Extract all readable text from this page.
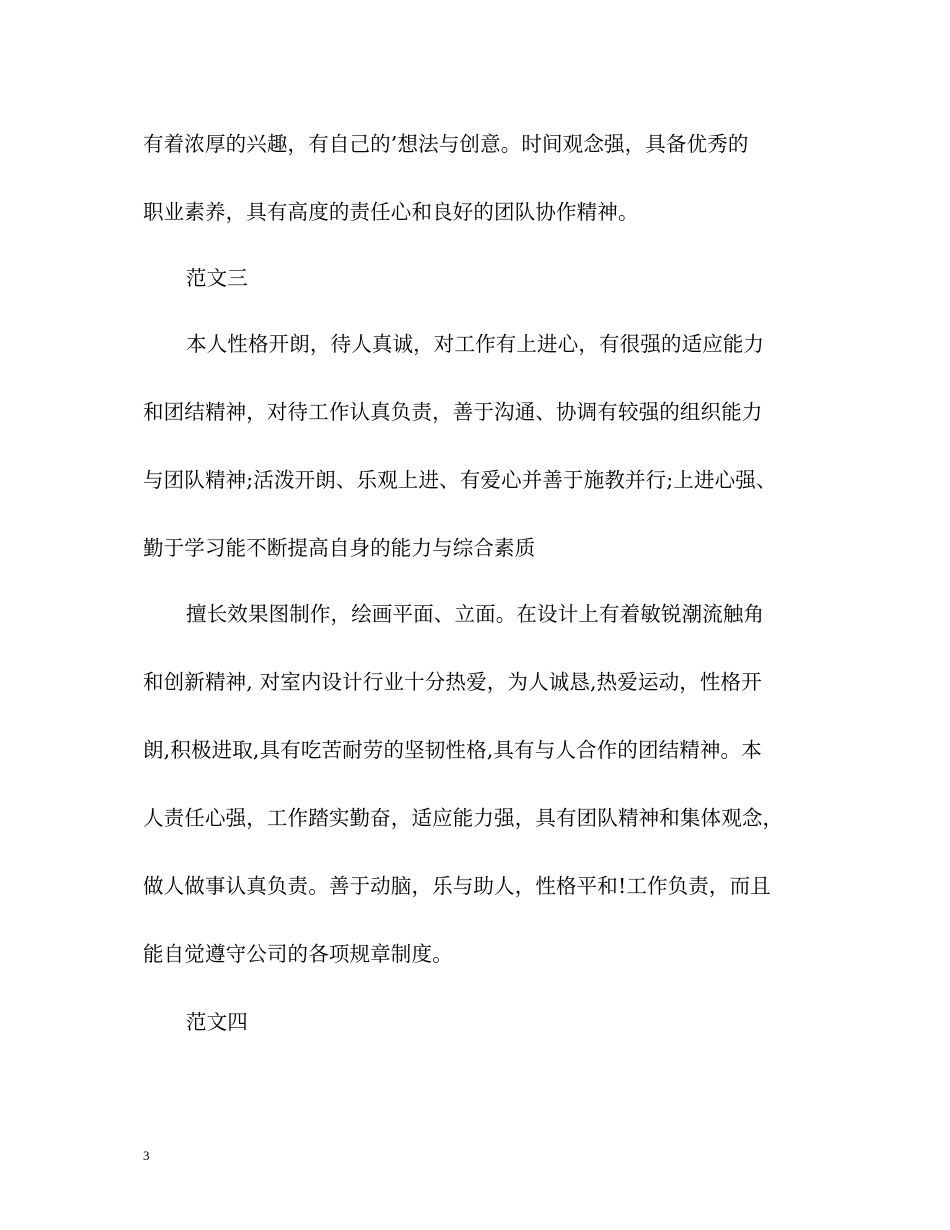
有着浓厚的兴趣，有自己的’想法与创意。时间观念强，具备优秀的
职业素养，具有高度的责任心和良好的团队协作精神。
范文三
本人性格开朗，待人真诚，对工作有上进心，有很强的适应能力
和团结精神，对待工作认真负责，善于沟通、协调有较强的组织能力
与团队精神;活泼开朗、乐观上进、有爱心并善于施教并行;上进心强、
勤于学习能不断提高自身的能力与综合素质
擅长效果图制作，绘画平面、立面。在设计上有着敏锐潮流触角
和创新精神, 对室内设计行业十分热爱，为人诚恳,热爱运动，性格开
朗,积极进取,具有吃苦耐劳的坚韧性格,具有与人合作的团结精神。本
人责任心强，工作踏实勤奋，适应能力强，具有团队精神和集体观念，
做人做事认真负责。善于动脑，乐与助人，性格平和!工作负责，而且
能自觉遵守公司的各项规章制度。
范文四
3
